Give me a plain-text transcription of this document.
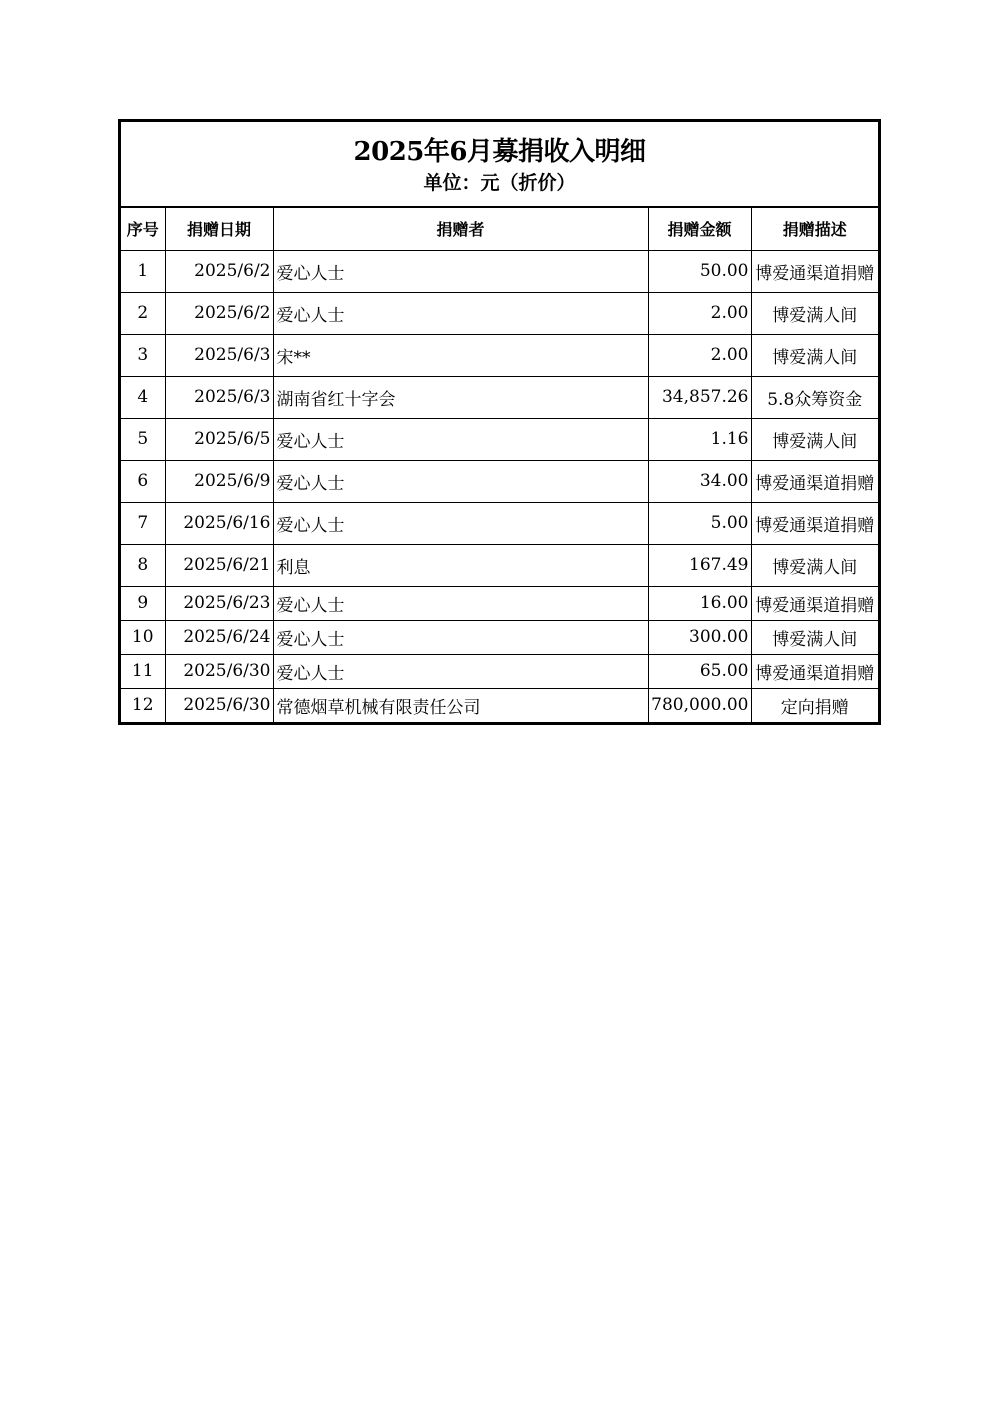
2025年6月募捐收入明细
单位：元（折价）
序号	捐赠日期	捐赠者	捐赠金额	捐赠描述
1	2025/6/2	爱心人士	50.00	博爱通渠道捐赠
2	2025/6/2	爱心人士	2.00	博爱满人间
3	2025/6/3	宋**	2.00	博爱满人间
4	2025/6/3	湖南省红十字会	34,857.26	5.8众筹资金
5	2025/6/5	爱心人士	1.16	博爱满人间
6	2025/6/9	爱心人士	34.00	博爱通渠道捐赠
7	2025/6/16	爱心人士	5.00	博爱通渠道捐赠
8	2025/6/21	利息	167.49	博爱满人间
9	2025/6/23	爱心人士	16.00	博爱通渠道捐赠
10	2025/6/24	爱心人士	300.00	博爱满人间
11	2025/6/30	爱心人士	65.00	博爱通渠道捐赠
12	2025/6/30	常德烟草机械有限责任公司	780,000.00	定向捐赠
